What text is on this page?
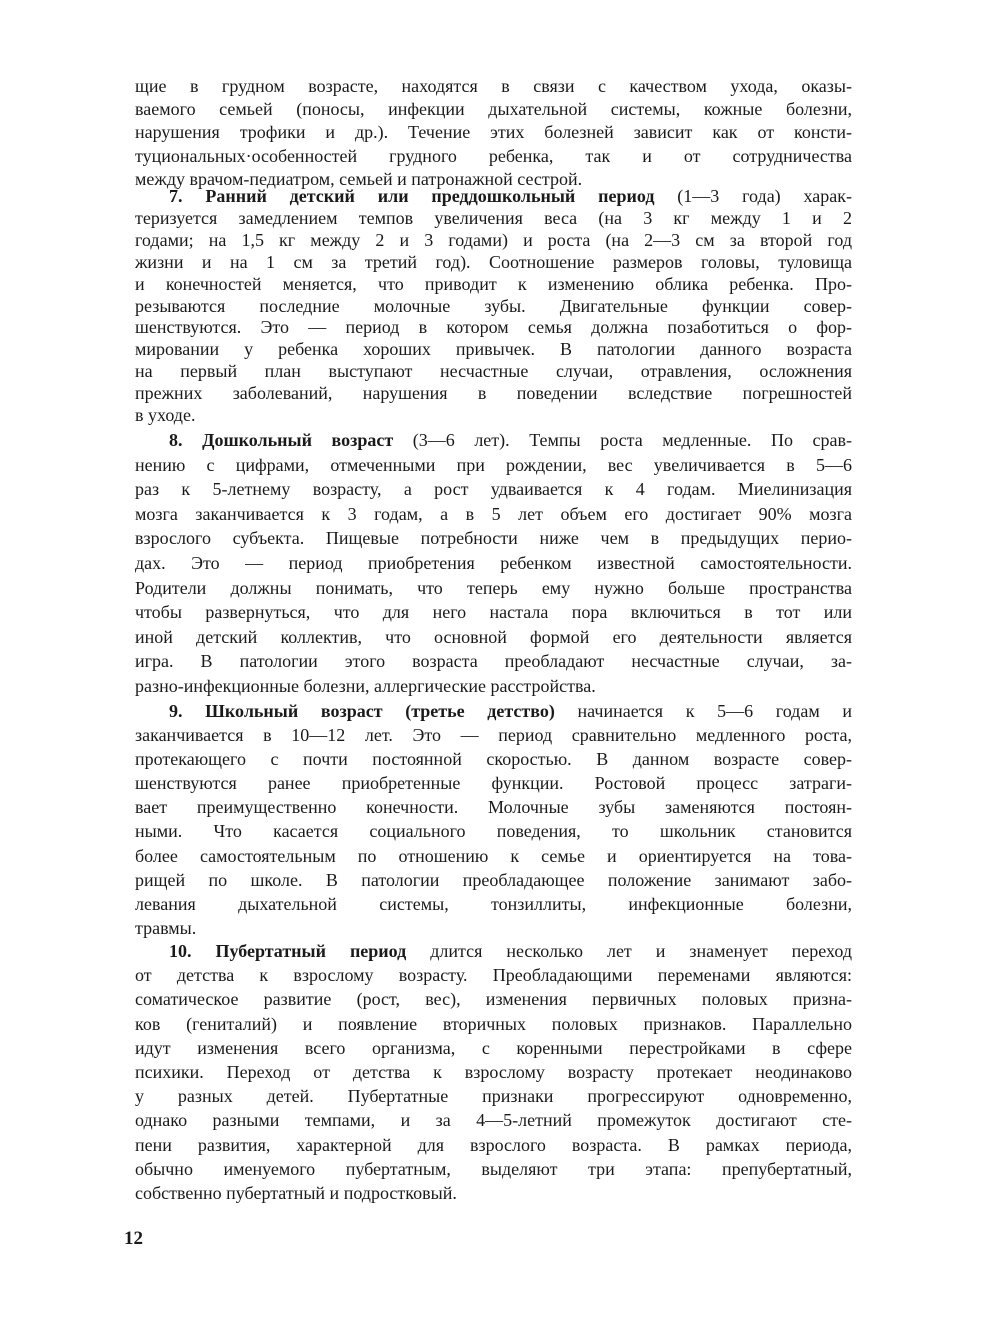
щие в грудном возрасте, находятся в связи с качеством ухода, оказы-
ваемого семьей (поносы, инфекции дыхательной системы, кожные болезни,
нарушения трофики и др.). Течение этих болезней зависит как от консти-
туциональных·особенностей грудного ребенка, так и от сотрудничества
между врачом-педиатром, семьей и патронажной сестрой.
7. Ранний детский или преддошкольный период (1—3 года) харак-
теризуется замедлением темпов увеличения веса (на 3 кг между 1 и 2
годами; на 1,5 кг между 2 и 3 годами) и роста (на 2—3 см за второй год
жизни и на 1 см за третий год). Соотношение размеров головы, туловища
и конечностей меняется, что приводит к изменению облика ребенка. Про-
резываются последние молочные зубы. Двигательные функции совер-
шенствуются. Это — период в котором семья должна позаботиться о фор-
мировании у ребенка хороших привычек. В патологии данного возраста
на первый план выступают несчастные случаи, отравления, осложнения
прежних заболеваний, нарушения в поведении вследствие погрешностей
в уходе.
8. Дошкольный возраст (3—6 лет). Темпы роста медленные. По срав-
нению с цифрами, отмеченными при рождении, вес увеличивается в 5—6
раз к 5-летнему возрасту, а рост удваивается к 4 годам. Миелинизация
мозга заканчивается к 3 годам, а в 5 лет объем его достигает 90% мозга
взрослого субъекта. Пищевые потребности ниже чем в предыдущих перио-
дах. Это — период приобретения ребенком известной самостоятельности.
Родители должны понимать, что теперь ему нужно больше пространства
чтобы развернуться, что для него настала пора включиться в тот или
иной детский коллектив, что основной формой его деятельности является
игра. В патологии этого возраста преобладают несчастные случаи, за-
разно-инфекционные болезни, аллергические расстройства.
9. Школьный возраст (третье детство) начинается к 5—6 годам и
заканчивается в 10—12 лет. Это — период сравнительно медленного роста,
протекающего с почти постоянной скоростью. В данном возрасте совер-
шенствуются ранее приобретенные функции. Ростовой процесс затраги-
вает преимущественно конечности. Молочные зубы заменяются постоян-
ными. Что касается социального поведения, то школьник становится
более самостоятельным по отношению к семье и ориентируется на това-
рищей по школе. В патологии преобладающее положение занимают забо-
левания дыхательной системы, тонзиллиты, инфекционные болезни,
травмы.
10. Пубертатный период длится несколько лет и знаменует переход
от детства к взрослому возрасту. Преобладающими переменами являются:
соматическое развитие (рост, вес), изменения первичных половых призна-
ков (гениталий) и появление вторичных половых признаков. Параллельно
идут изменения всего организма, с коренными перестройками в сфере
психики. Переход от детства к взрослому возрасту протекает неодинаково
у разных детей. Пубертатные признаки прогрессируют одновременно,
однако разными темпами, и за 4—5-летний промежуток достигают сте-
пени развития, характерной для взрослого возраста. В рамках периода,
обычно именуемого пубертатным, выделяют три этапа: препубертатный,
собственно пубертатный и подростковый.
12
